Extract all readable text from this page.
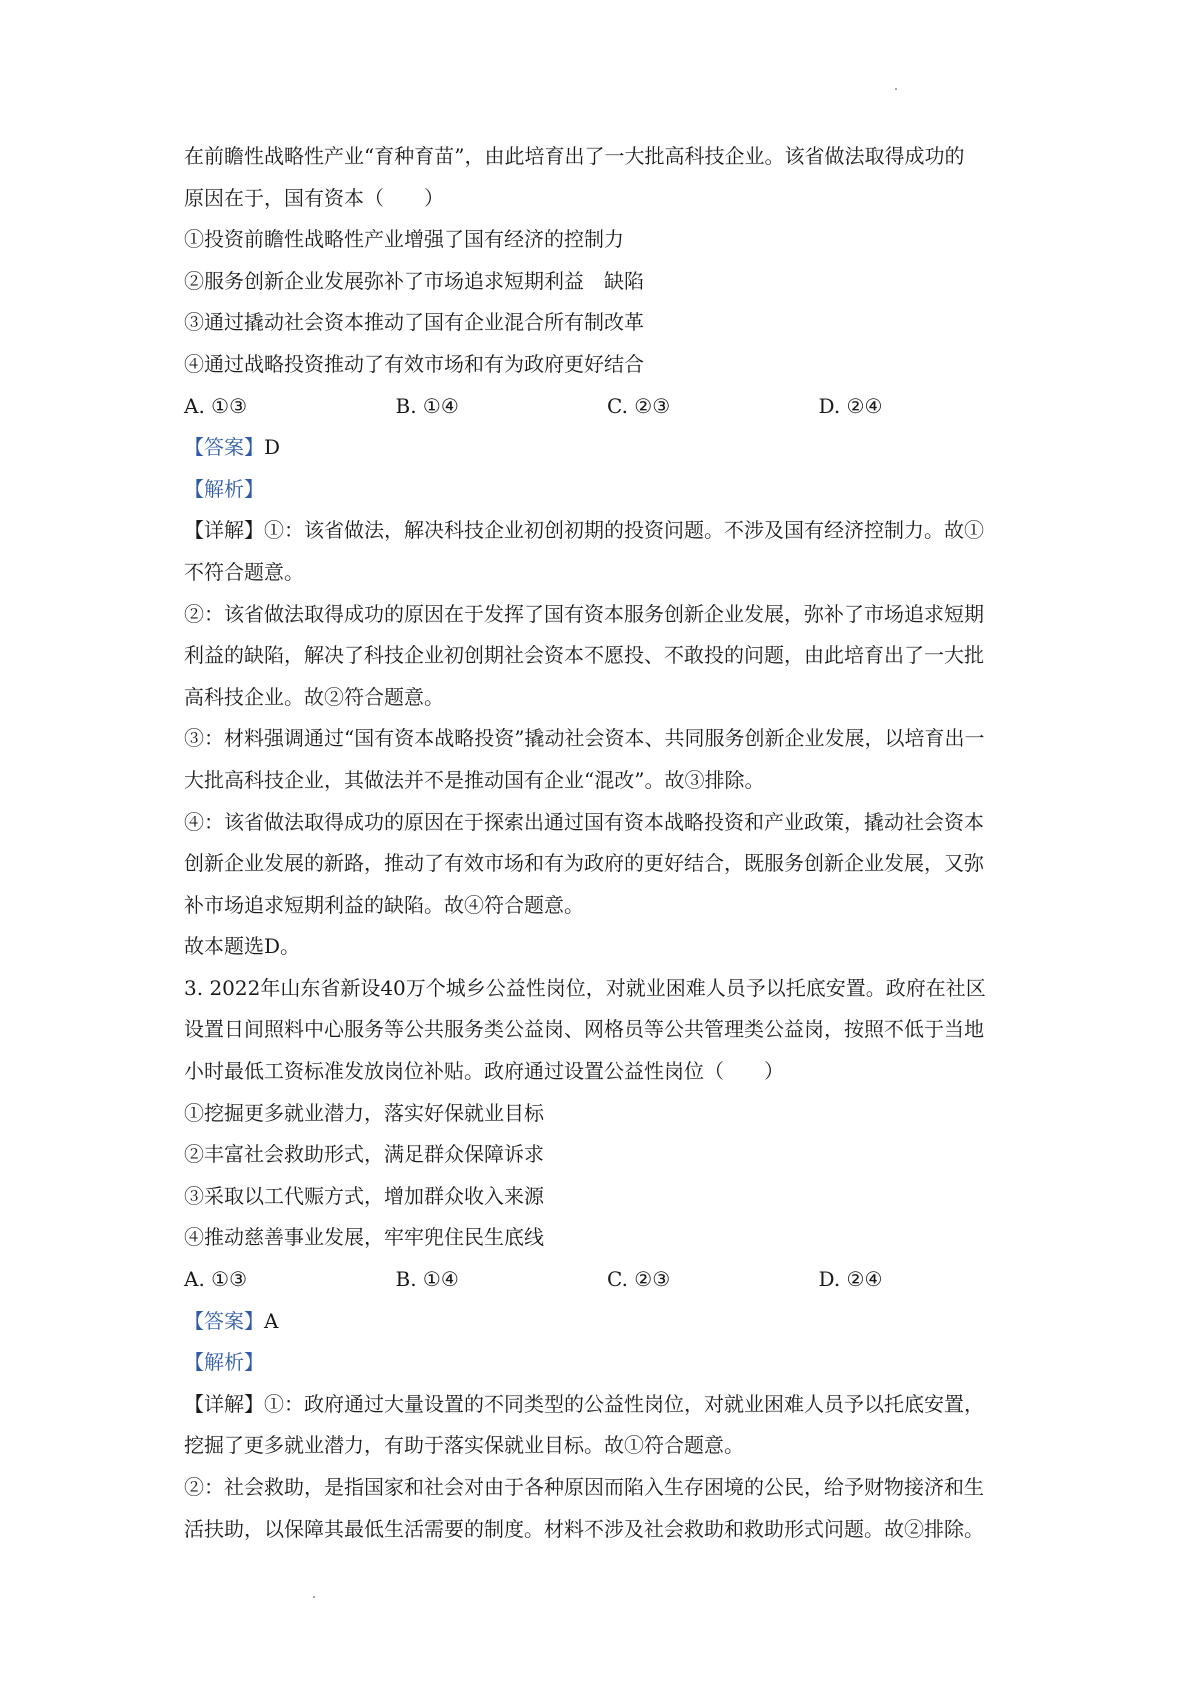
在前瞻性战略性产业“育种育苗”，由此培育出了一大批高科技企业。该省做法取得成功的
原因在于，国有资本（　　）
①投资前瞻性战略性产业增强了国有经济的控制力
②服务创新企业发展弥补了市场追求短期利益　缺陷
③通过撬动社会资本推动了国有企业混合所有制改革
④通过战略投资推动了有效市场和有为政府更好结合
A. ①③	B. ①④	C. ②③	D. ②④
【答案】D
【解析】
【详解】①：该省做法，解决科技企业初创初期的投资问题。不涉及国有经济控制力。故①
不符合题意。
②：该省做法取得成功的原因在于发挥了国有资本服务创新企业发展，弥补了市场追求短期
利益的缺陷，解决了科技企业初创期社会资本不愿投、不敢投的问题，由此培育出了一大批
高科技企业。故②符合题意。
③：材料强调通过“国有资本战略投资”撬动社会资本、共同服务创新企业发展，以培育出一
大批高科技企业，其做法并不是推动国有企业“混改”。故③排除。
④：该省做法取得成功的原因在于探索出通过国有资本战略投资和产业政策，撬动社会资本
创新企业发展的新路，推动了有效市场和有为政府的更好结合，既服务创新企业发展，又弥
补市场追求短期利益的缺陷。故④符合题意。
故本题选D。
3. 2022年山东省新设40万个城乡公益性岗位，对就业困难人员予以托底安置。政府在社区
设置日间照料中心服务等公共服务类公益岗、网格员等公共管理类公益岗，按照不低于当地
小时最低工资标准发放岗位补贴。政府通过设置公益性岗位（　　）
①挖掘更多就业潜力，落实好保就业目标
②丰富社会救助形式，满足群众保障诉求
③采取以工代赈方式，增加群众收入来源
④推动慈善事业发展，牢牢兜住民生底线
A. ①③	B. ①④	C. ②③	D. ②④
【答案】A
【解析】
【详解】①：政府通过大量设置的不同类型的公益性岗位，对就业困难人员予以托底安置，
挖掘了更多就业潜力，有助于落实保就业目标。故①符合题意。
②：社会救助，是指国家和社会对由于各种原因而陷入生存困境的公民，给予财物接济和生
活扶助，以保障其最低生活需要的制度。材料不涉及社会救助和救助形式问题。故②排除。
